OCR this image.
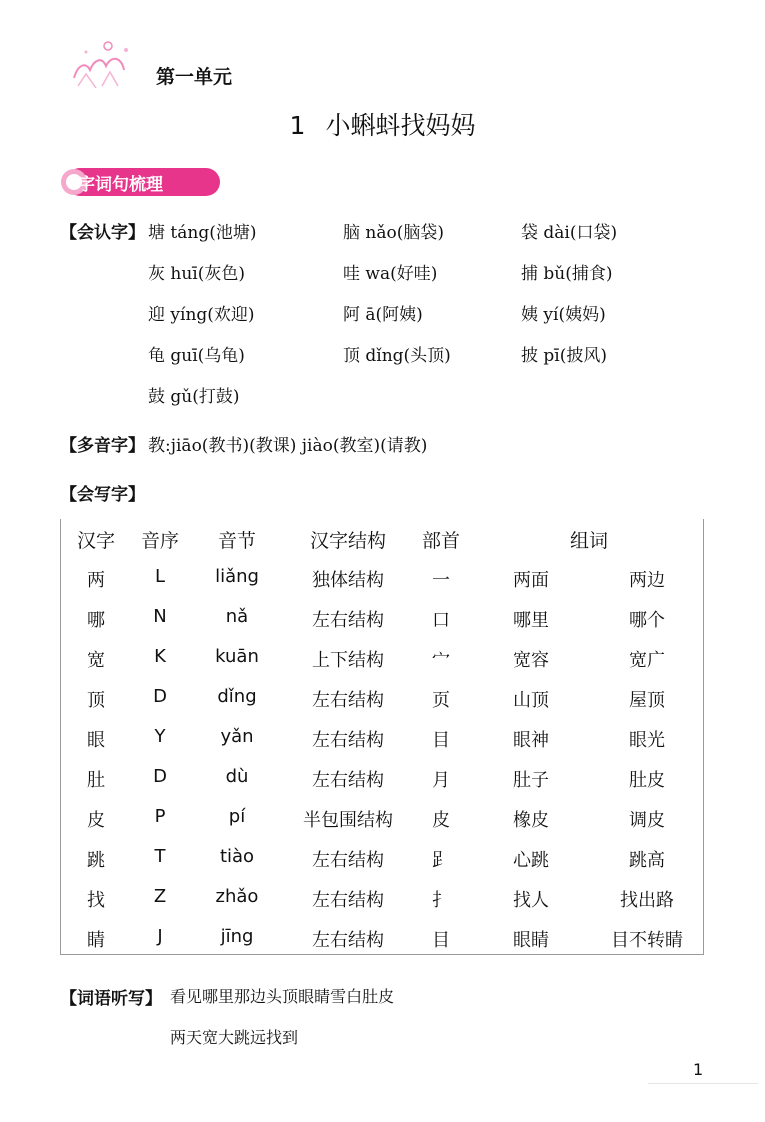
第一单元
1 小蝌蚪找妈妈
字词句梳理
【会认字】 塘 táng(池塘)	脑 nǎo(脑袋)	袋 dài(口袋)
灰 huī(灰色)	哇 wa(好哇)	捕 bǔ(捕食)
迎 yíng(欢迎)	阿 ā(阿姨)	姨 yí(姨妈)
龟 guī(乌龟)	顶 dǐng(头顶)	披 pī(披风)
鼓 gǔ(打鼓)
【多音字】 教:jiāo(教书)(教课) jiào(教室)(请教)
【会写字】
汉字 音序 音节	汉字结构 部首	组词
两	L	liǎng	独体结构	一	两面	两边
哪	N	nǎ	左右结构	口	哪里	哪个
宽	K	kuān	上下结构	宀	宽容	宽广
顶	D	dǐng	左右结构	页	山顶	屋顶
眼	Y	yǎn	左右结构	目	眼神	眼光
肚	D	dù	左右结构	月	肚子	肚皮
皮	P	pí	半包围结构 皮	橡皮	调皮
跳	T	tiào	左右结构	𧾷	心跳	跳高
找	Z	zhǎo	左右结构	扌	找人	找出路
睛	J	jīng	左右结构	目	眼睛	目不转睛
【词语听写】 看见哪里那边头顶眼睛雪白肚皮
两天宽大跳远找到
1
